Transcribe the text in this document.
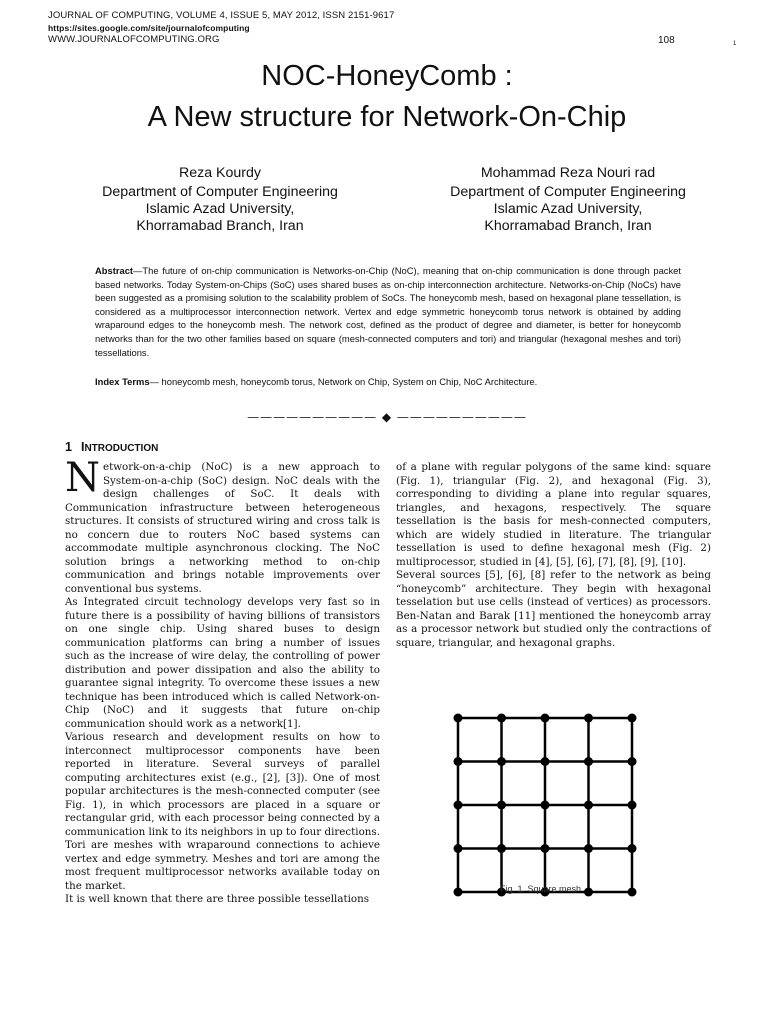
JOURNAL OF COMPUTING, VOLUME 4, ISSUE 5, MAY 2012, ISSN 2151-9617
https://sites.google.com/site/journalofcomputing
WWW.JOURNALOFCOMPUTING.ORG	108	1
NOC-HoneyComb :
A New structure for Network-On-Chip
Reza Kourdy
Department of Computer Engineering
Islamic Azad University,
Khorramabad Branch, Iran
Mohammad Reza Nouri rad
Department of Computer Engineering
Islamic Azad University,
Khorramabad Branch, Iran
Abstract—The future of on-chip communication is Networks-on-Chip (NoC), meaning that on-chip communication is done through packet based networks. Today System-on-Chips (SoC) uses shared buses as on-chip interconnection architecture. Networks-on-Chip (NoCs) have been suggested as a promising solution to the scalability problem of SoCs. The honeycomb mesh, based on hexagonal plane tessellation, is considered as a multiprocessor interconnection network. Vertex and edge symmetric honeycomb torus network is obtained by adding wraparound edges to the honeycomb mesh. The network cost, defined as the product of degree and diameter, is better for honeycomb networks than for the two other families based on square (mesh-connected computers and tori) and triangular (hexagonal meshes and tori) tessellations.
Index Terms— honeycomb mesh, honeycomb torus, Network on Chip, System on Chip, NoC Architecture.
—————————— ◆ ——————————
1 INTRODUCTION

Network-on-a-chip (NoC) is a new approach to System-on-a-chip (SoC) design. NoC deals with the design challenges of SoC. It deals with Communication infrastructure between heterogeneous structures. It consists of structured wiring and cross talk is no concern due to routers NoC based systems can accommodate multiple asynchronous clocking. The NoC solution brings a networking method to on-chip communication and brings notable improvements over conventional bus systems.

As Integrated circuit technology develops very fast so in future there is a possibility of having billions of transistors on one single chip. Using shared buses to design communication platforms can bring a number of issues such as the increase of wire delay, the controlling of power distribution and power dissipation and also the ability to guarantee signal integrity. To overcome these issues a new technique has been introduced which is called Network-on-Chip (NoC) and it suggests that future on-chip communication should work as a network[1].

Various research and development results on how to interconnect multiprocessor components have been reported in literature. Several surveys of parallel computing architectures exist (e.g., [2], [3]). One of most popular architectures is the mesh-connected computer (see Fig. 1), in which processors are placed in a square or rectangular grid, with each processor being connected by a communication link to its neighbors in up to four directions. Tori are meshes with wraparound connections to achieve vertex and edge symmetry. Meshes and tori are among the most frequent multiprocessor networks available today on the market.

It is well known that there are three possible tessellations

of a plane with regular polygons of the same kind: square (Fig. 1), triangular (Fig. 2), and hexagonal (Fig. 3), corresponding to dividing a plane into regular squares, triangles, and hexagons, respectively. The square tessellation is the basis for mesh-connected computers, which are widely studied in literature. The triangular tessellation is used to define hexagonal mesh (Fig. 2) multiprocessor, studied in [4], [5], [6], [7], [8], [9], [10].

Several sources [5], [6], [8] refer to the network as being “honeycomb” architecture. They begin with hexagonal tesselation but use cells (instead of vertices) as processors. Ben-Natan and Barak [11] mentioned the honeycomb array as a processor network but studied only the contractions of square, triangular, and hexagonal graphs.

Fig. 1. Square mesh
